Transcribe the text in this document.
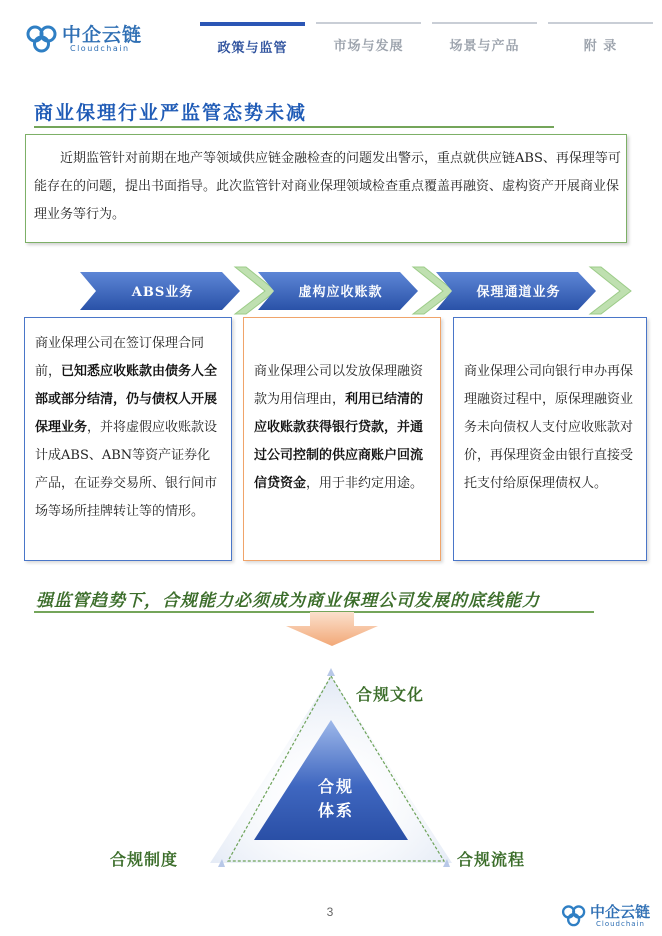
中企云链
Cloudchain	政策与监管	市场与发展	场景与产品	附 录
商业保理行业严监管态势未减

近期监管针对前期在地产等领域供应链金融检查的问题发出警示，重点就供应链ABS、再保理等可能存在的问题，提出书面指导。此次监管针对商业保理领域检查重点覆盖再融资、虚构资产开展商业保理业务等行为。

ABS业务	虚构应收账款	保理通道业务
商业保理公司在签订保理合同前，已知悉应收账款由债务人全部或部分结清，仍与债权人开展保理业务，并将虚假应收账款设计成ABS、ABN等资产证券化产品，在证券交易所、银行间市场等场所挂牌转让等的情形。
商业保理公司以发放保理融资款为用信理由，利用已结清的应收账款获得银行贷款，并通过公司控制的供应商账户回流信贷资金，用于非约定用途。
商业保理公司向银行申办再保理融资过程中，原保理融资业务未向债权人支付应收账款对价，再保理资金由银行直接受托支付给原保理债权人。
强监管趋势下，合规能力必须成为商业保理公司发展的底线能力
合规文化
合规制度	合规流程
合规
体系
3	中企云链
Cloudchain
